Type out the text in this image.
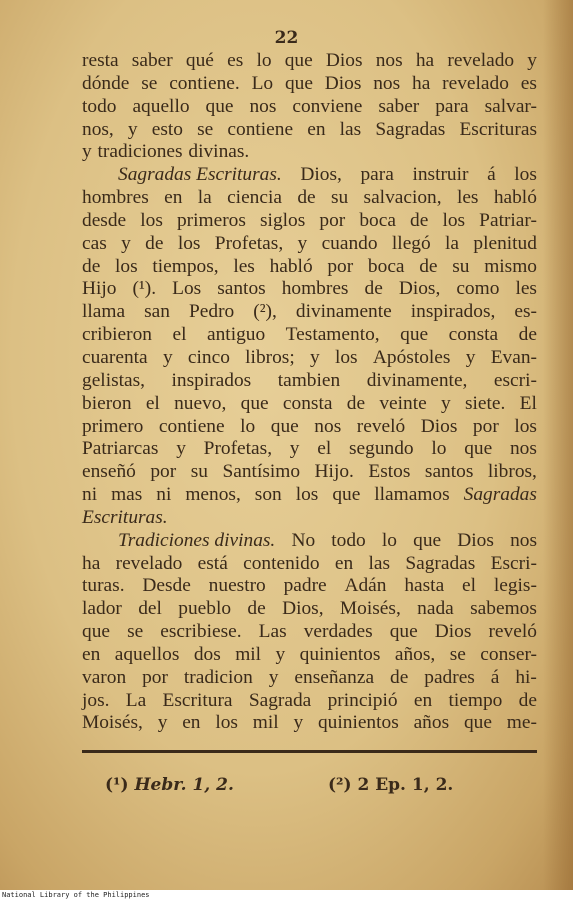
22
resta saber qué es lo que Dios nos ha revelado y
dónde se contiene. Lo que Dios nos ha revelado es
todo aquello que nos conviene saber para salvar-
nos, y esto se contiene en las Sagradas Escrituras
y tradiciones divinas.
Sagradas Escrituras. Dios, para instruir á los
hombres en la ciencia de su salvacion, les habló
desde los primeros siglos por boca de los Patriar-
cas y de los Profetas, y cuando llegó la plenitud
de los tiempos, les habló por boca de su mismo
Hijo (¹). Los santos hombres de Dios, como les
llama san Pedro (²), divinamente inspirados, es-
cribieron el antiguo Testamento, que consta de
cuarenta y cinco libros; y los Apóstoles y Evan-
gelistas, inspirados tambien divinamente, escri-
bieron el nuevo, que consta de veinte y siete. El
primero contiene lo que nos reveló Dios por los
Patriarcas y Profetas, y el segundo lo que nos
enseñó por su Santísimo Hijo. Estos santos libros,
ni mas ni menos, son los que llamamos Sagradas
Escrituras.
Tradiciones divinas. No todo lo que Dios nos
ha revelado está contenido en las Sagradas Escri-
turas. Desde nuestro padre Adán hasta el legis-
lador del pueblo de Dios, Moisés, nada sabemos
que se escribiese. Las verdades que Dios reveló
en aquellos dos mil y quinientos años, se conser-
varon por tradicion y enseñanza de padres á hi-
jos. La Escritura Sagrada principió en tiempo de
Moisés, y en los mil y quinientos años que me-
(¹) Hebr. 1, 2.	(²) 2 Ep. 1, 2.
National Library of the Philippines
